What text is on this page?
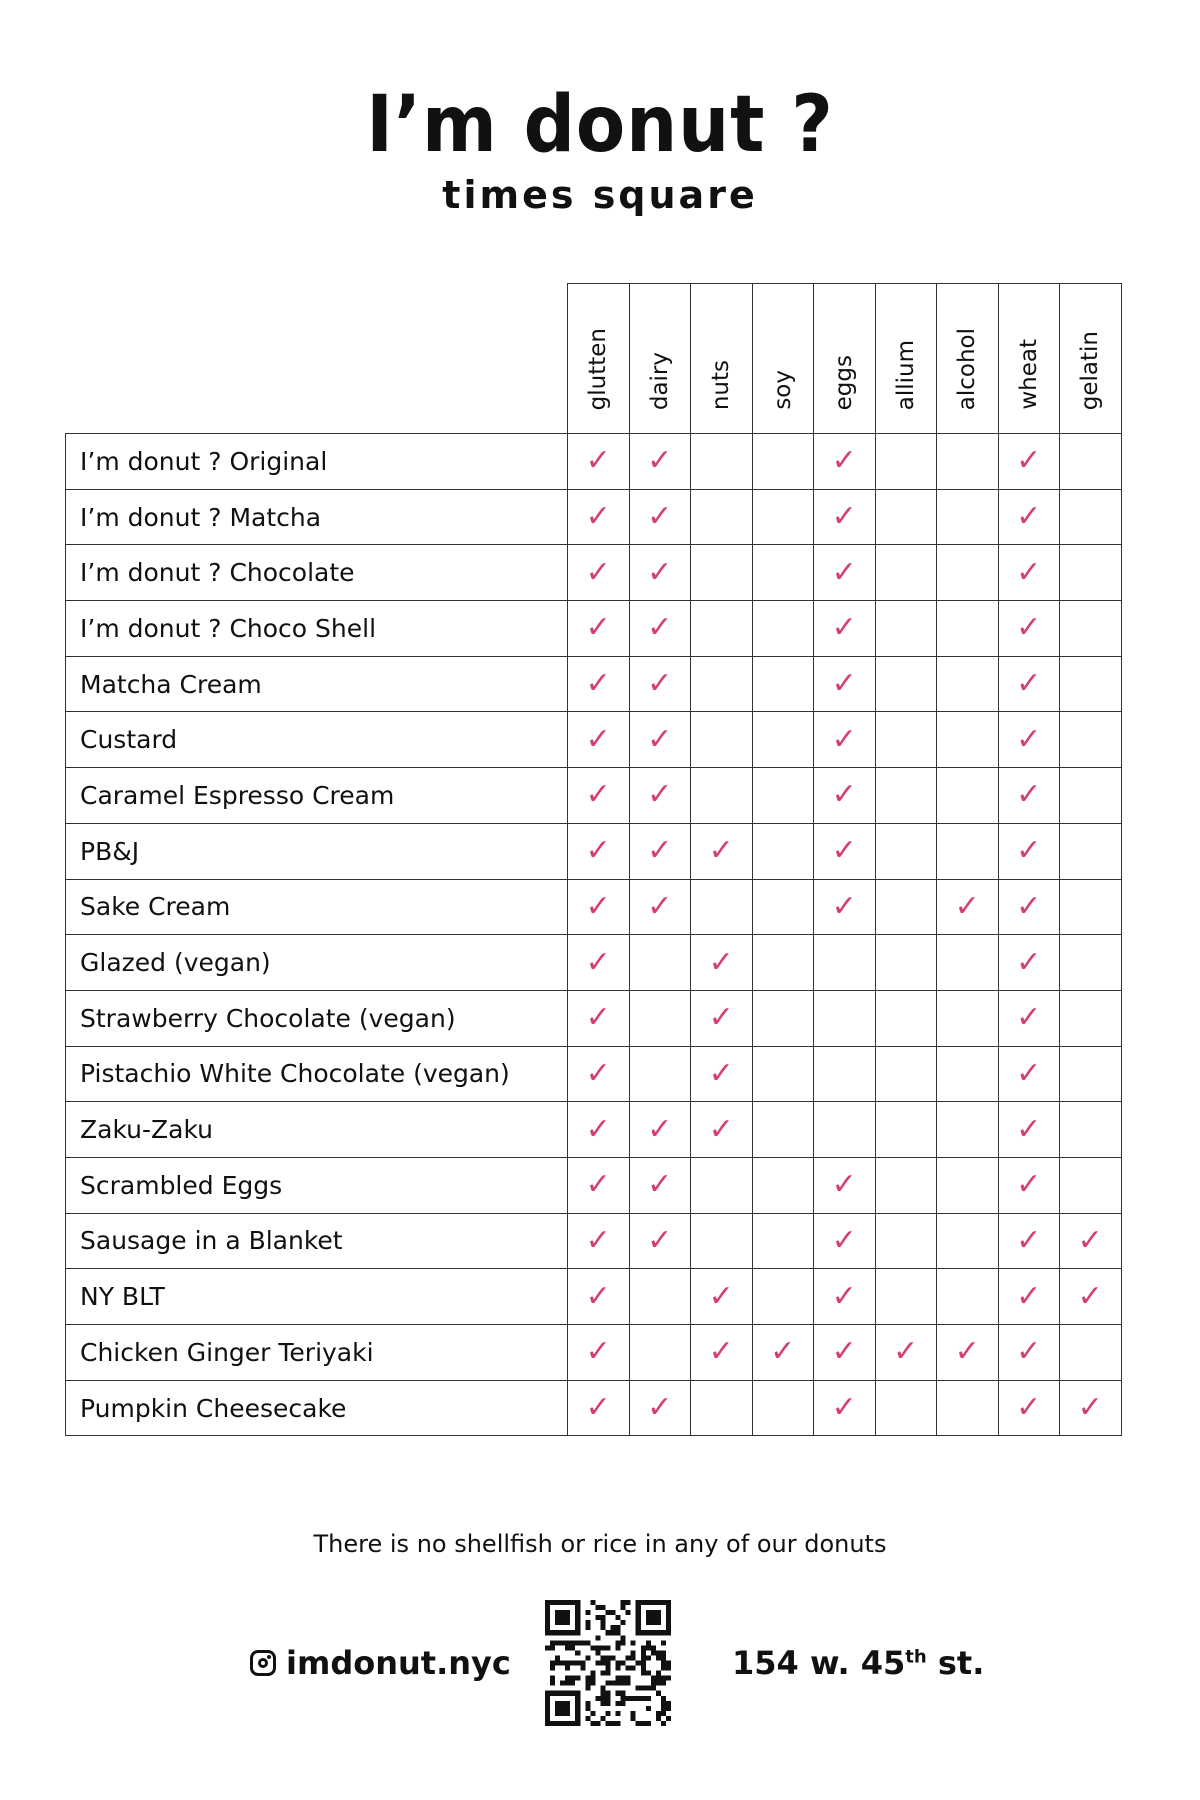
I’m donut ?
times square
	glutten	dairy	nuts	soy	eggs	allium	alcohol	wheat	gelatin
I’m donut ? Original	✓	✓			✓			✓	
I’m donut ? Matcha	✓	✓			✓			✓	
I’m donut ? Chocolate	✓	✓			✓			✓	
I’m donut ? Choco Shell	✓	✓			✓			✓	
Matcha Cream	✓	✓			✓			✓	
Custard	✓	✓			✓			✓	
Caramel Espresso Cream	✓	✓			✓			✓	
PB&J	✓	✓	✓		✓			✓	
Sake Cream	✓	✓			✓		✓	✓	
Glazed (vegan)	✓		✓					✓	
Strawberry Chocolate (vegan)	✓		✓					✓	
Pistachio White Chocolate (vegan)	✓		✓					✓	
Zaku-Zaku	✓	✓	✓					✓	
Scrambled Eggs	✓	✓			✓			✓	
Sausage in a Blanket	✓	✓			✓			✓	✓
NY BLT	✓		✓		✓			✓	✓
Chicken Ginger Teriyaki	✓		✓	✓	✓	✓	✓	✓	
Pumpkin Cheesecake	✓	✓			✓			✓	✓
There is no shellfish or rice in any of our donuts
imdonut.nyc	154 w. 45th st.
